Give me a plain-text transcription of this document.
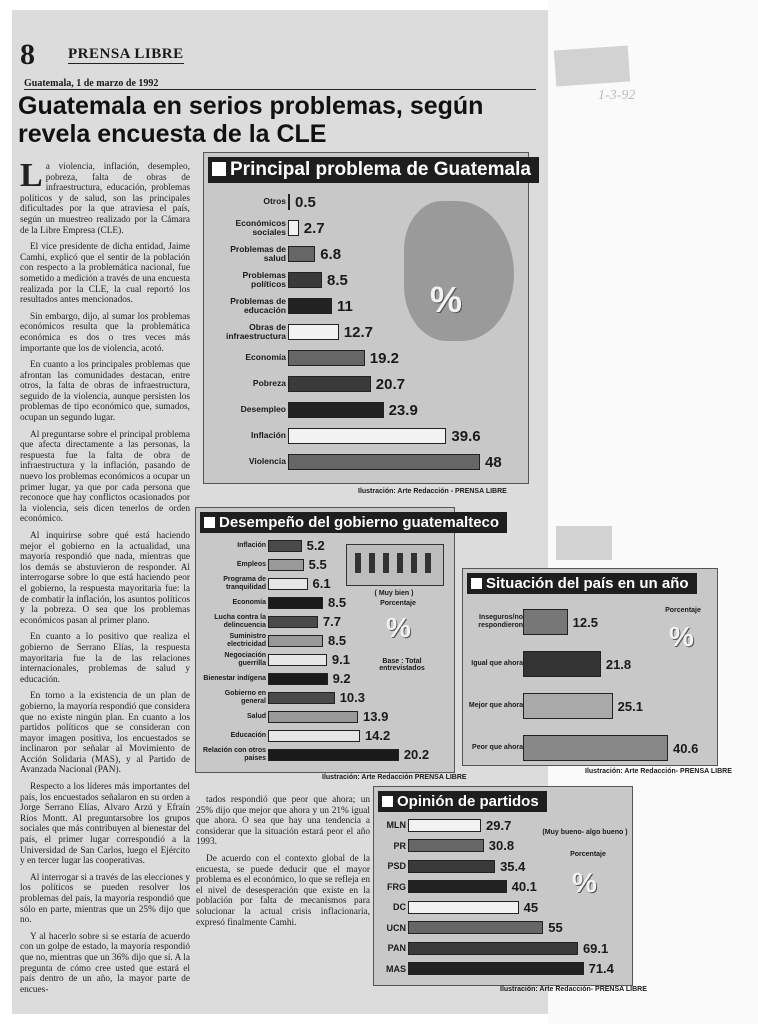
1-3-92
8 PRENSA LIBRE
Guatemala, 1 de marzo de 1992
Guatemala en serios problemas, según revela encuesta de la CLE

La violencia, inflación, desempleo, pobreza, falta de obras de infraestructura, educación, problemas políticos y de salud, son las principales dificultades por la que atraviesa el país, según un muestreo realizado por la Cámara de la Libre Empresa (CLE).

El vice presidente de dicha entidad, Jaime Camhi, explicó que el sentir de la población con respecto a la problemática nacional, fue sometido a medición a través de una encuesta realizada por la CLE, la cual reportó los resultados antes mencionados.

Sin embargo, dijo, al sumar los problemas económicos resulta que la problemática económica es dos o tres veces más importante que los de violencia, acotó.

En cuanto a los principales problemas que afrontan las comunidades destacan, entre otros, la falta de obras de infraestructura, seguido de la violencia, aunque persisten los problemas de tipo económico que, sumados, ocupan un segundo lugar.

Al preguntarse sobre el principal problema que afecta directamente a las personas, la respuesta fue la falta de obra de infraestructura y la inflación, pasando de nuevo los problemas económicos a ocupar un primer lugar, ya que por cada persona que reconoce que hay conflictos ocasionados por la violencia, seis dicen tenerlos de orden económico.

Al inquirirse sobre qué está haciendo mejor el gobierno en la actualidad, una mayoría respondió que nada, mientras que los demás se abstuvieron de responder. Al interrogarse sobre lo que está haciendo peor el gobierno, la respuesta mayoritaria fue: la de combatir la inflación, los asuntos políticos y la pobreza. O sea que los problemas económicos pasan al primer plano.

En cuanto a lo positivo que realiza el gobierno de Serrano Elías, la respuesta mayoritaria fue la de las relaciones internacionales, problemas de salud y educación.

En torno a la existencia de un plan de gobierno, la mayoría respondió que considera que no existe ningún plan. En cuanto a los partidos políticos que se consideran con mayor imagen positiva, los encuestados se inclinaron por señalar al Movimiento de Acción Solidaria (MAS), y al Partido de Avanzada Nacional (PAN).

Respecto a los líderes más importantes del país, los encuestados señalaron en su orden a Jorge Serrano Elías, Alvaro Arzú y Efraín Ríos Montt. Al preguntarsobre los grupos sociales que más contribuyen al bienestar del país, el primer lugar correspondió a la Universidad de San Carlos, luego el Ejército y en tercer lugar las cooperativas.

Al interrogar si a través de las elecciones y los políticos se pueden resolver los problemas del país, la mayoría respondió que sólo en parte, mientras que un 25% dijo que no.

Y al hacerlo sobre si se estaría de acuerdo con un golpe de estado, la mayoría respondió que no, mientras que un 36% dijo que sí. A la pregunta de cómo cree usted que estará el país dentro de un año, la mayor parte de encues-

tados respondió que peor que ahora; un 25% dijo que mejor que ahora y un 21% igual que ahora. O sea que hay una tendencia a considerar que la situación estará peor el año 1993.

De acuerdo con el contexto global de la encuesta, se puede deducir que el mayor problema es el económico, lo que se refleja en el nivel de desesperación que existe en la población por falta de mecanismos para solucionar la actual crisis inflacionaria, expresó finalmente Camhi.

%
Principal problema de Guatemala
Otros 0.5
Económicos sociales 2.7
Problemas de salud 6.8
Problemas políticos	8.5
Problemas de educación	11
Obras de infraestructura	12.7
Economía	19.2
Pobreza	20.7
Desempleo	23.9
Inflación	39.6
Violencia	48
Ilustración: Arte Redacción - PRENSA LIBRE
( Muy bien )
Porcentaje
%
Base : Total entrevistados
Desempeño del gobierno guatemalteco
Inflación	5.2
Empleos	5.5
Programa de tranquilidad	6.1
Economía	8.5
Lucha contra la delincuencia	7.7
Suministro electricidad	8.5
Negociación guerrilla	9.1
Bienestar indígena	9.2
Gobierno en general	10.3
Salud	13.9
Educación	14.2
Relación con otros países	20.2
Ilustración: Arte Redacción PRENSA LIBRE
Porcentaje
%
Situación del país en un año
Inseguros/no respondieron	12.5
Igual que ahora	21.8
Mejor que ahora	25.1
Peor que ahora	40.6
Ilustración: Arte Redacción- PRENSA LIBRE
(Muy bueno- algo bueno )
Porcentaje
%
Opinión de partidos
MLN	29.7
PR	30.8
PSD	35.4
FRG	40.1
DC	45
UCN	55
PAN	69.1
MAS	71.4
Ilustración: Arte Redacción- PRENSA LIBRE
